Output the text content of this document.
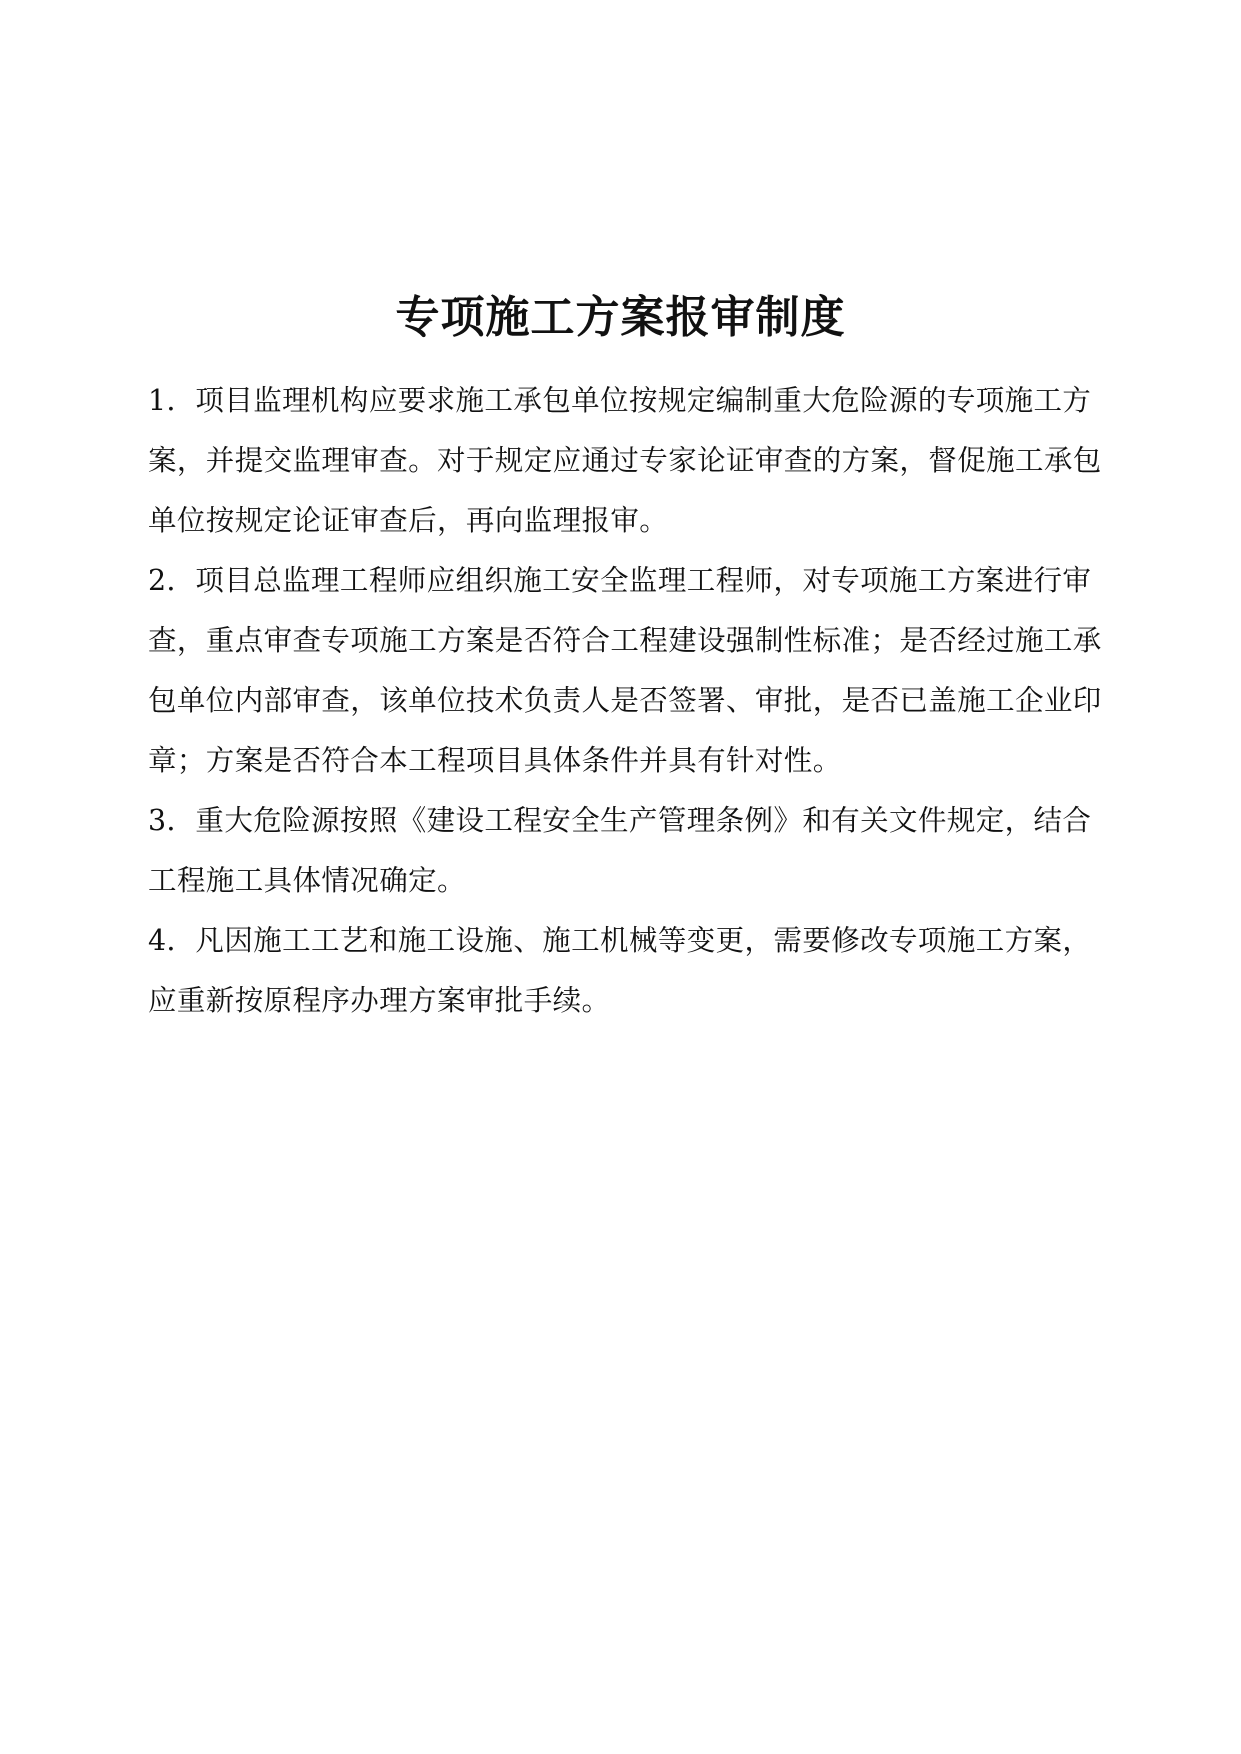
专项施工方案报审制度
1．项目监理机构应要求施工承包单位按规定编制重大危险源的专项施工方
案，并提交监理审查。对于规定应通过专家论证审查的方案，督促施工承包
单位按规定论证审查后，再向监理报审。
2．项目总监理工程师应组织施工安全监理工程师，对专项施工方案进行审
查，重点审查专项施工方案是否符合工程建设强制性标准；是否经过施工承
包单位内部审查，该单位技术负责人是否签署、审批，是否已盖施工企业印
章；方案是否符合本工程项目具体条件并具有针对性。
3．重大危险源按照《建设工程安全生产管理条例》和有关文件规定，结合
工程施工具体情况确定。
4．凡因施工工艺和施工设施、施工机械等变更，需要修改专项施工方案，
应重新按原程序办理方案审批手续。
